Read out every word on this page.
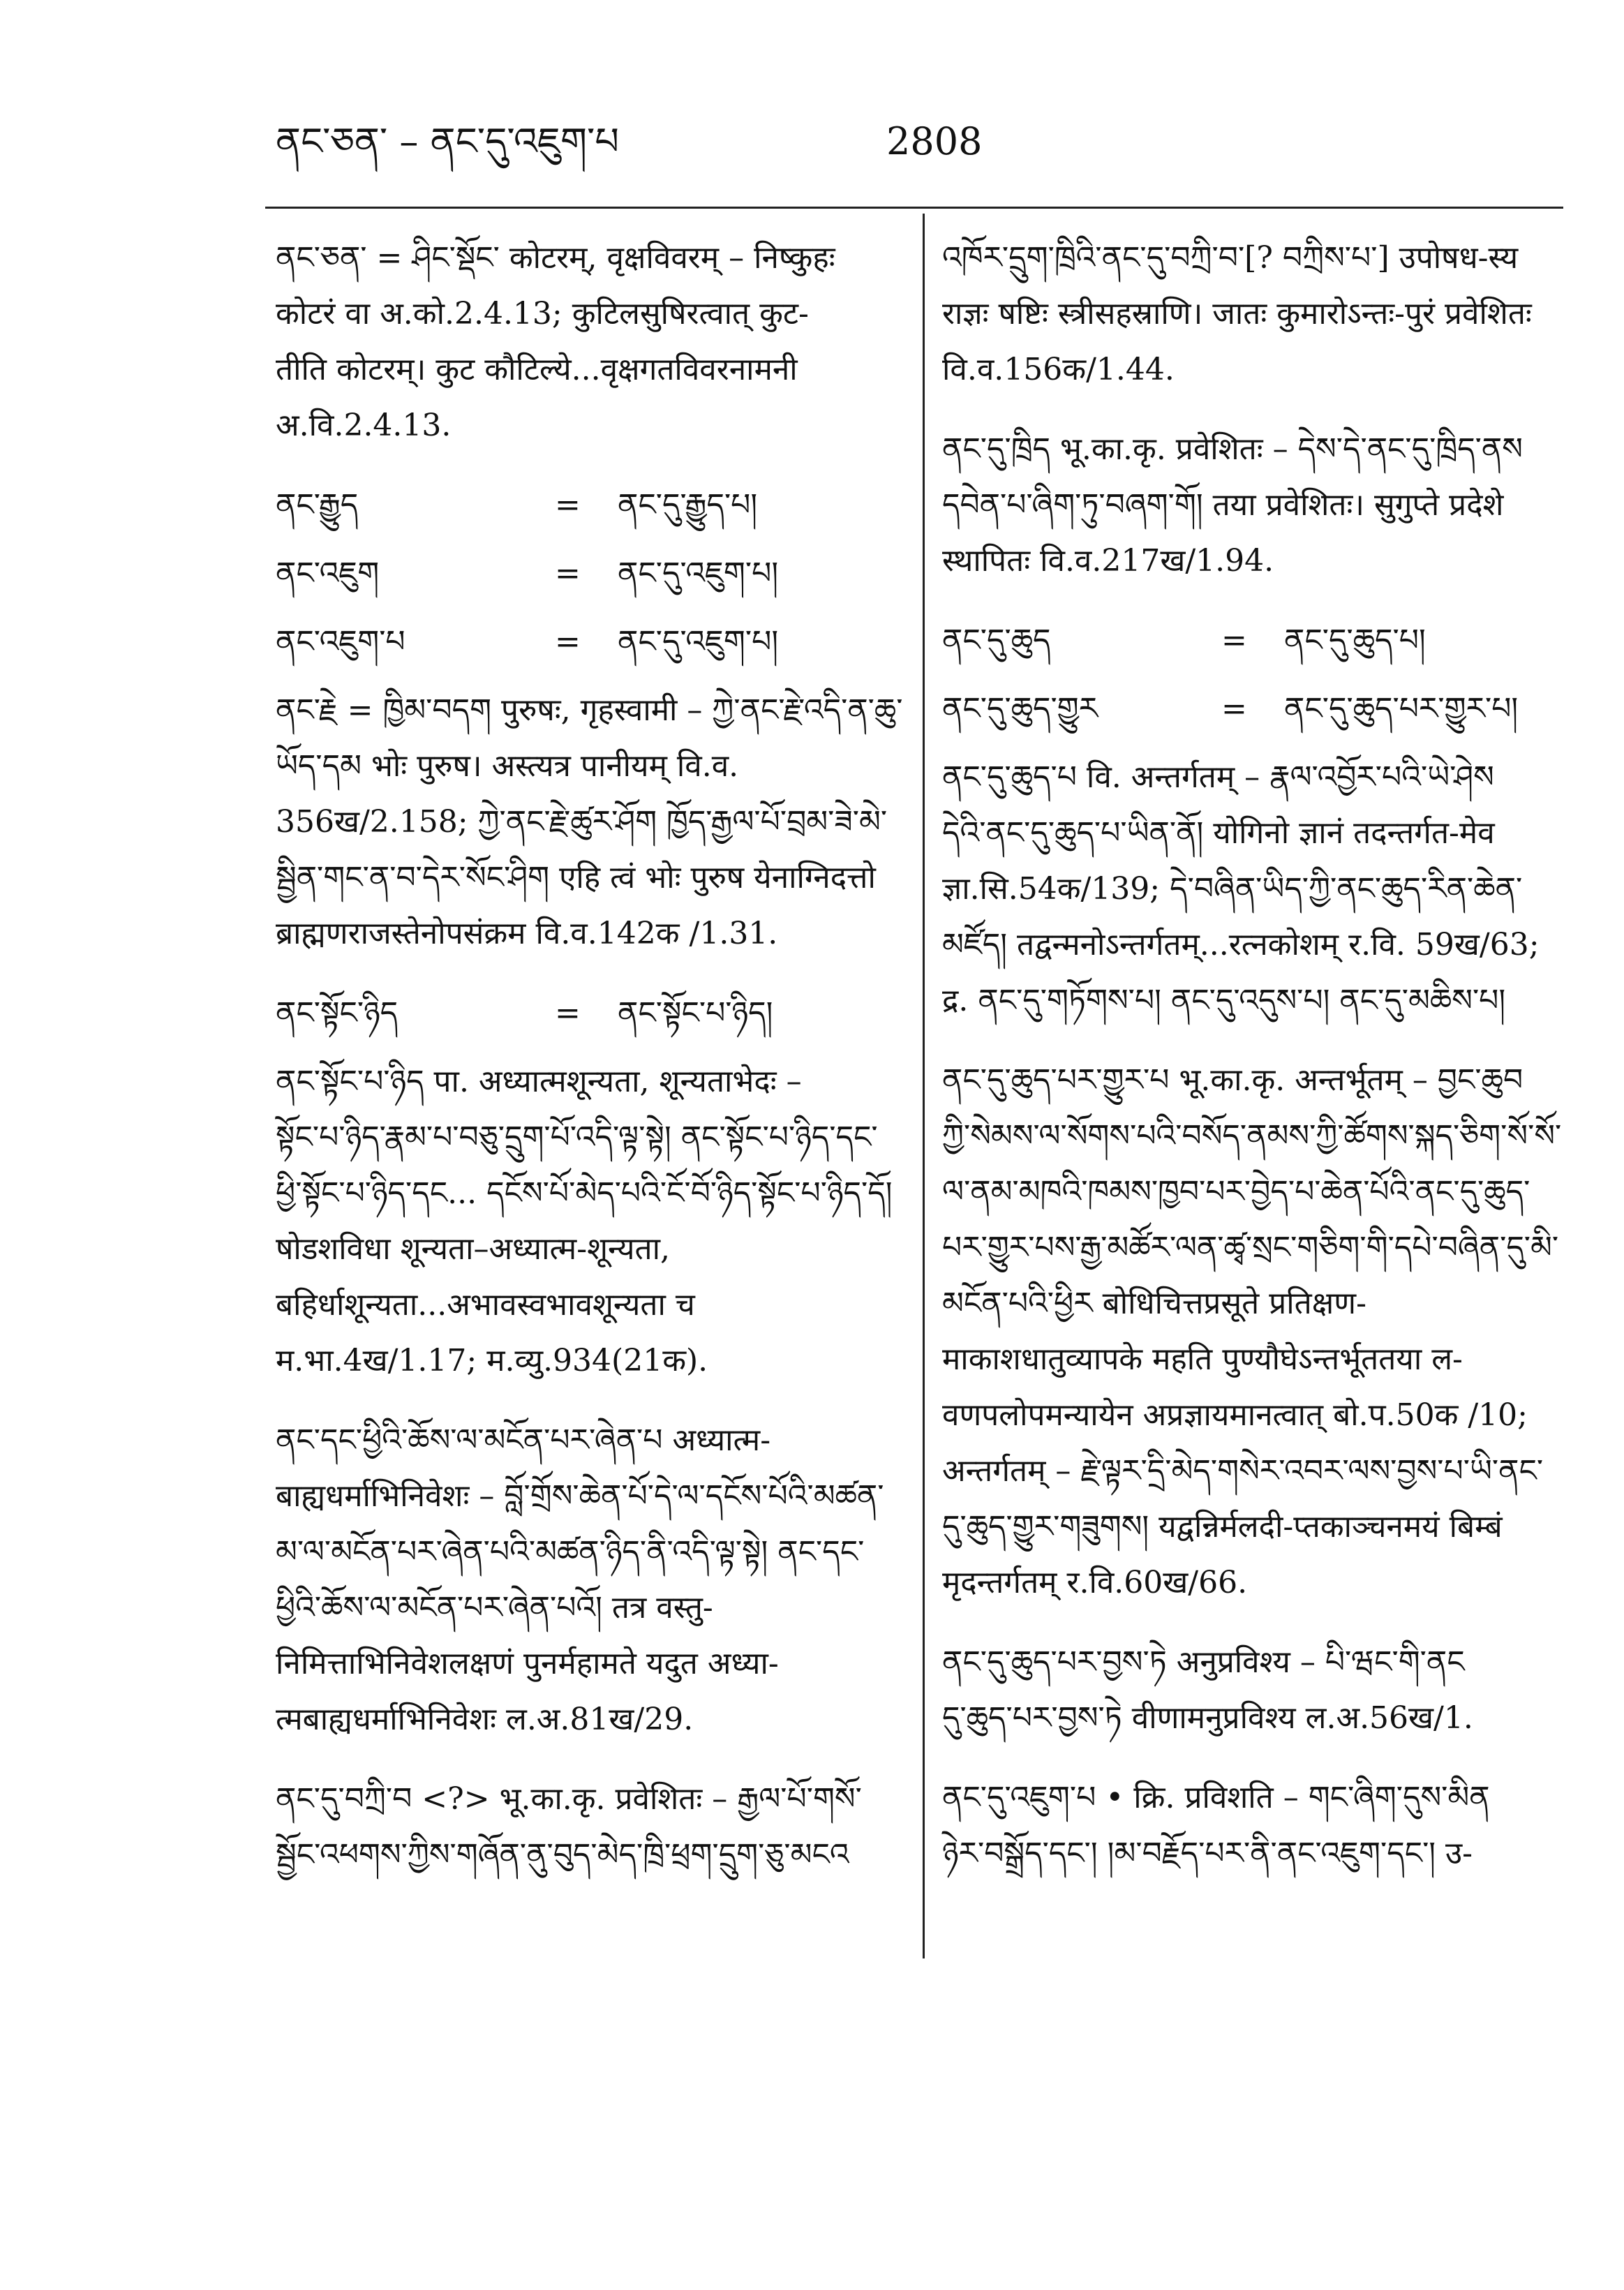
ནང་ཅན་ – ནང་དུ་འཇུག་པ	2808

ནང་ཅན་ = ཤིང་སྡོང་ कोटरम्, वृक्षविवरम् – निष्कुहः कोटरं वा अ.को.2.4.13; कुटिलसुषिरत्वात् कुट-

तीति कोटरम्। कुट कौटिल्ये...वृक्षगतविवरनामनी अ.वि.2.4.13.

ནང་རྒྱུད	=	ནང་དུ་རྒྱུད་པ།
ནང་འཇུག	=	ནང་དུ་འཇུག་པ།
ནང་འཇུག་པ	=	ནང་དུ་འཇུག་པ།

ནང་རྗེ = ཁྱིམ་བདག पुरुषः, गृहस्वामी – ཀྱེ་ནང་རྗེ་འདི་ན་ཆུ་ཡོད་དམ भोः पुरुष। अस्त्यत्र पानीयम् वि.व.

356ख/2.158; ཀྱེ་ནང་རྗེ་ཚུར་ཤོག ཁྱོད་རྒྱལ་པོ་བྲམ་ཟེ་མེ་སྦྱིན་གང་ན་བ་དེར་སོང་ཤིག एहि त्वं भोः पुरुष येनाग्निदत्तो ब्राह्मणराजस्तेनोपसंक्रम वि.व.142क /1.31.

ནང་སྟོང་ཉིད	=	ནང་སྟོང་པ་ཉིད།

ནང་སྟོང་པ་ཉིད पा. अध्यात्मशून्यता, शून्यताभेदः –

སྟོང་པ་ཉིད་རྣམ་པ་བཅུ་དྲུག་པོ་འདི་ལྟ་སྟེ། ནང་སྟོང་པ་ཉིད་དང་ཕྱི་སྟོང་པ་ཉིད་དང... དངོས་པོ་མེད་པའི་ངོ་བོ་ཉིད་སྟོང་པ་ཉིད་དོ། षोडशविधा शून्यता–अध्यात्म-शून्यता, बहिर्धाशून्यता...अभावस्वभावशून्यता च म.भा.4ख/1.17; म.व्यु.934(21क).

ནང་དང་ཕྱིའི་ཆོས་ལ་མངོན་པར་ཞེན་པ अध्यात्म-

बाह्यधर्माभिनिवेशः – བློ་གྲོས་ཆེན་པོ་དེ་ལ་དངོས་པོའི་མཚན་མ་ལ་མངོན་པར་ཞེན་པའི་མཚན་ཉིད་ནི་འདི་ལྟ་སྟེ། ནང་དང་ཕྱིའི་ཆོས་ལ་མངོན་པར་ཞེན་པའོ། तत्र वस्तु-निमित्ताभिनिवेशलक्षणं पुनर्महामते यदुत अध्या-त्मबाह्यधर्माभिनिवेशः ल.अ.81ख/29.

ནང་དུ་བཀྲི་བ <?> भू.का.कृ. प्रवेशितः – རྒྱལ་པོ་གསོ་སྦྱོང་འཕགས་ཀྱིས་གཞོན་ནུ་བུད་མེད་ཁྲི་ཕྲག་དྲུག་ཅུ་མངའ

འཁོར་དྲུག་ཁྲིའི་ནང་དུ་བཀྲི་བ་[? བཀྲིས་པ་] उपोषध-स्य राज्ञः षष्टिः स्त्रीसहस्राणि। जातः कुमारोऽन्तः-पुरं प्रवेशितः वि.व.156क/1.44.

ནང་དུ་ཁྲིད भू.का.कृ. प्रवेशितः – དེས་དེ་ནང་དུ་ཁྲིད་ནས

དབེན་པ་ཞིག་ཏུ་བཞག་གོ། तया प्रवेशितः। सुगुप्ते प्रदेशे स्थापितः वि.व.217ख/1.94.

ནང་དུ་ཆུད	=	ནང་དུ་ཆུད་པ།
ནང་དུ་ཆུད་གྱུར	=	ནང་དུ་ཆུད་པར་གྱུར་པ།

ནང་དུ་ཆུད་པ वि. अन्तर्गतम् – རྣལ་འབྱོར་པའི་ཡེ་ཤེས

དེའི་ནང་དུ་ཆུད་པ་ཡིན་ནོ། योगिनो ज्ञानं तदन्तर्गत-मेव ज्ञा.सि.54क/139; དེ་བཞིན་ཡིད་ཀྱི་ནང་ཆུད་རིན་ཆེན་མཛོད། तद्वन्मनोऽन्तर्गतम्...रत्नकोशम् र.वि. 59ख/63; द्र. ནང་དུ་གཏོགས་པ། ནང་དུ་འདུས་པ། ནང་དུ་མཆིས་པ།

ནང་དུ་ཆུད་པར་གྱུར་པ भू.का.कृ. अन्तर्भूतम् – བྱང་ཆུབ

ཀྱི་སེམས་ལ་སོགས་པའི་བསོད་ནམས་ཀྱི་ཚོགས་སྐད་ཅིག་སོ་སོ་ལ་ནམ་མཁའི་ཁམས་ཁྱབ་པར་བྱེད་པ་ཆེན་པོའི་ནང་དུ་ཆུད་པར་གྱུར་པས་རྒྱ་མཚོར་ལན་ཚྭ་སྲང་གཅིག་གི་དཔེ་བཞིན་དུ་མི་མངོན་པའི་ཕྱིར बोधिचित्तप्रसूते प्रतिक्षण-माकाशधातुव्यापके महति पुण्यौघेऽन्तर्भूततया ल-वणपलोपमन्यायेन अप्रज्ञायमानत्वात् बो.प.50क /10; अन्तर्गतम् – རྗེ་ལྟར་དྲི་མེད་གསེར་འབར་ལས་བྱས་པ་ཡི་ནང་དུ་ཆུད་གྱུར་གཟུགས། यद्वन्निर्मलदी-प्तकाञ्चनमयं बिम्बं मृदन्तर्गतम् र.वि.60ख/66.

ནང་དུ་ཆུད་པར་བྱས་ཏེ अनुप्रविश्य – པི་ཝང་གི་ནང

དུ་ཆུད་པར་བྱས་ཏེ वीणामनुप्रविश्य ल.अ.56ख/1.

ནང་དུ་འཇུག་པ • क्रि. प्रविशति – གང་ཞིག་དུས་མིན

ཉེར་བསྒྲོད་དང་། །མ་བརྗོད་པར་ནི་ནང་འཇུག་དང་། उ-
